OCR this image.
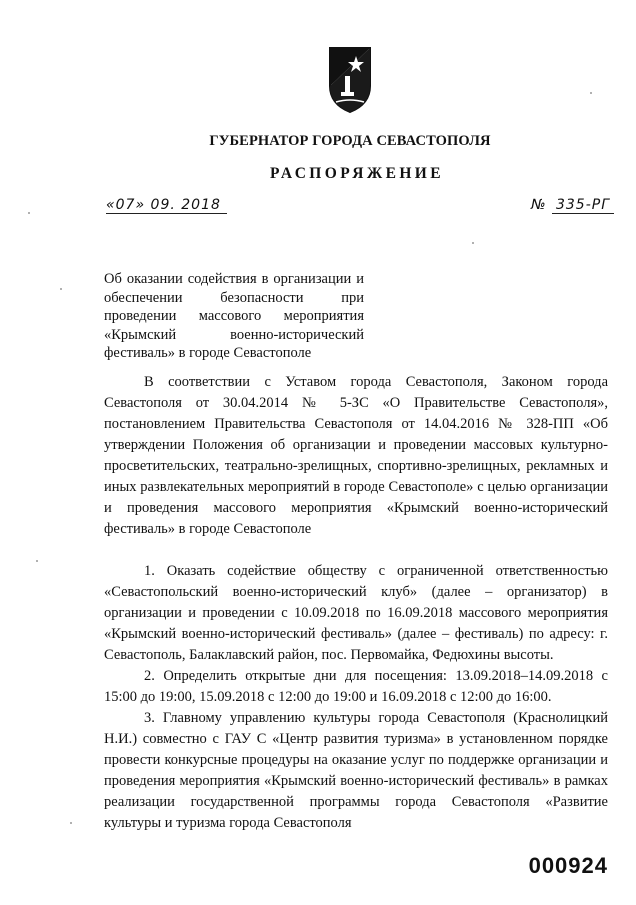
ГУБЕРНАТОР ГОРОДА СЕВАСТОПОЛЯ
РАСПОРЯЖЕНИЕ
«07» 09. 2018	№ 335-РГ

Об оказании содействия в организации и обеспечении безопасности при проведении массового мероприятия «Крымский военно-исторический фестиваль» в городе Севастополе

В соответствии с Уставом города Севастополя, Законом города Севастополя от 30.04.2014 № 5-ЗС «О Правительстве Севастополя», постановлением Правительства Севастополя от 14.04.2016 № 328-ПП «Об утверждении Положения об организации и проведении массовых культурно-просветительских, театрально-зрелищных, спортивно-зрелищных, рекламных и иных развлекательных мероприятий в городе Севастополе» с целью организации и проведения массового мероприятия «Крымский военно-исторический фестиваль» в городе Севастополе

1. Оказать содействие обществу с ограниченной ответственностью «Севастопольский военно-исторический клуб» (далее – организатор) в организации и проведении с 10.09.2018 по 16.09.2018 массового мероприятия «Крымский военно-исторический фестиваль» (далее – фестиваль) по адресу: г. Севастополь, Балаклавский район, пос. Первомайка, Федюхины высоты.

2. Определить открытые дни для посещения: 13.09.2018–14.09.2018 с 15:00 до 19:00, 15.09.2018 с 12:00 до 19:00 и 16.09.2018 с 12:00 до 16:00.

3. Главному управлению культуры города Севастополя (Краснолицкий Н.И.) совместно с ГАУ С «Центр развития туризма» в установленном порядке провести конкурсные процедуры на оказание услуг по поддержке организации и проведения мероприятия «Крымский военно-исторический фестиваль» в рамках реализации государственной программы города Севастополя «Развитие культуры и туризма города Севастополя

000924
